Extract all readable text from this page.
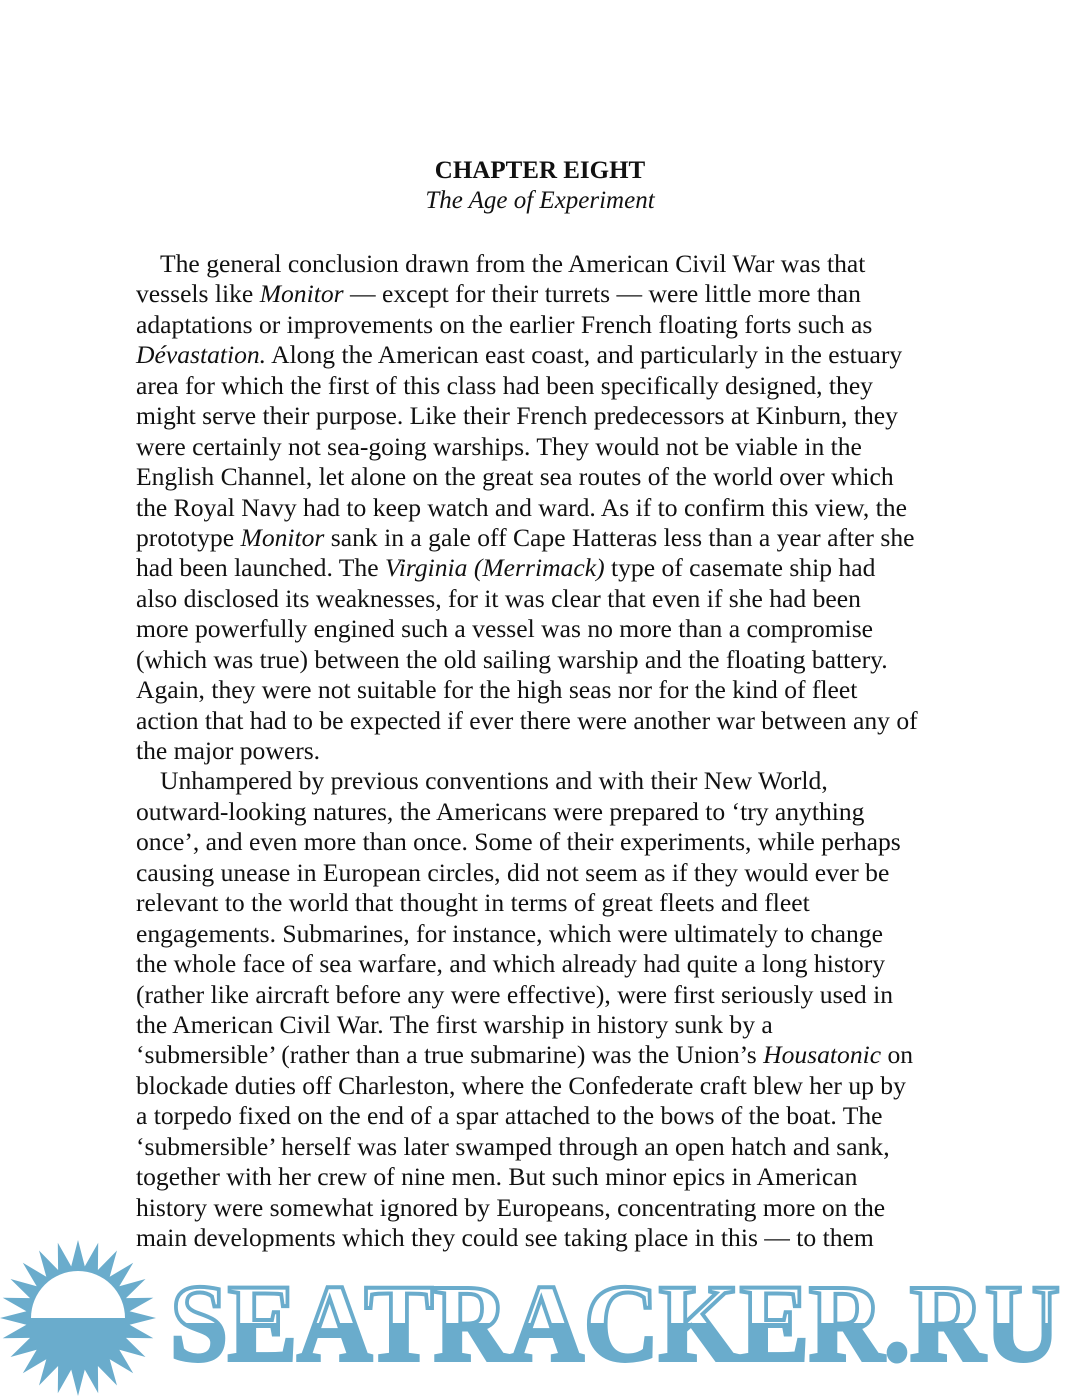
CHAPTER EIGHT
The Age of Experiment
The general conclusion drawn from the American Civil War was that
vessels like Monitor — except for their turrets — were little more than
adaptations or improvements on the earlier French floating forts such as
Dévastation. Along the American east coast, and particularly in the estuary
area for which the first of this class had been specifically designed, they
might serve their purpose. Like their French predecessors at Kinburn, they
were certainly not sea-going warships. They would not be viable in the
English Channel, let alone on the great sea routes of the world over which
the Royal Navy had to keep watch and ward. As if to confirm this view, the
prototype Monitor sank in a gale off Cape Hatteras less than a year after she
had been launched. The Virginia (Merrimack) type of casemate ship had
also disclosed its weaknesses, for it was clear that even if she had been
more powerfully engined such a vessel was no more than a compromise
(which was true) between the old sailing warship and the floating battery.
Again, they were not suitable for the high seas nor for the kind of fleet
action that had to be expected if ever there were another war between any of
the major powers.
Unhampered by previous conventions and with their New World,
outward-looking natures, the Americans were prepared to ‘try anything
once’, and even more than once. Some of their experiments, while perhaps
causing unease in European circles, did not seem as if they would ever be
relevant to the world that thought in terms of great fleets and fleet
engagements. Submarines, for instance, which were ultimately to change
the whole face of sea warfare, and which already had quite a long history
(rather like aircraft before any were effective), were first seriously used in
the American Civil War. The first warship in history sunk by a
‘submersible’ (rather than a true submarine) was the Union’s Housatonic on
blockade duties off Charleston, where the Confederate craft blew her up by
a torpedo fixed on the end of a spar attached to the bows of the boat. The
‘submersible’ herself was later swamped through an open hatch and sank,
together with her crew of nine men. But such minor epics in American
history were somewhat ignored by Europeans, concentrating more on the
main developments which they could see taking place in this — to them
SEATRACKER.RU
